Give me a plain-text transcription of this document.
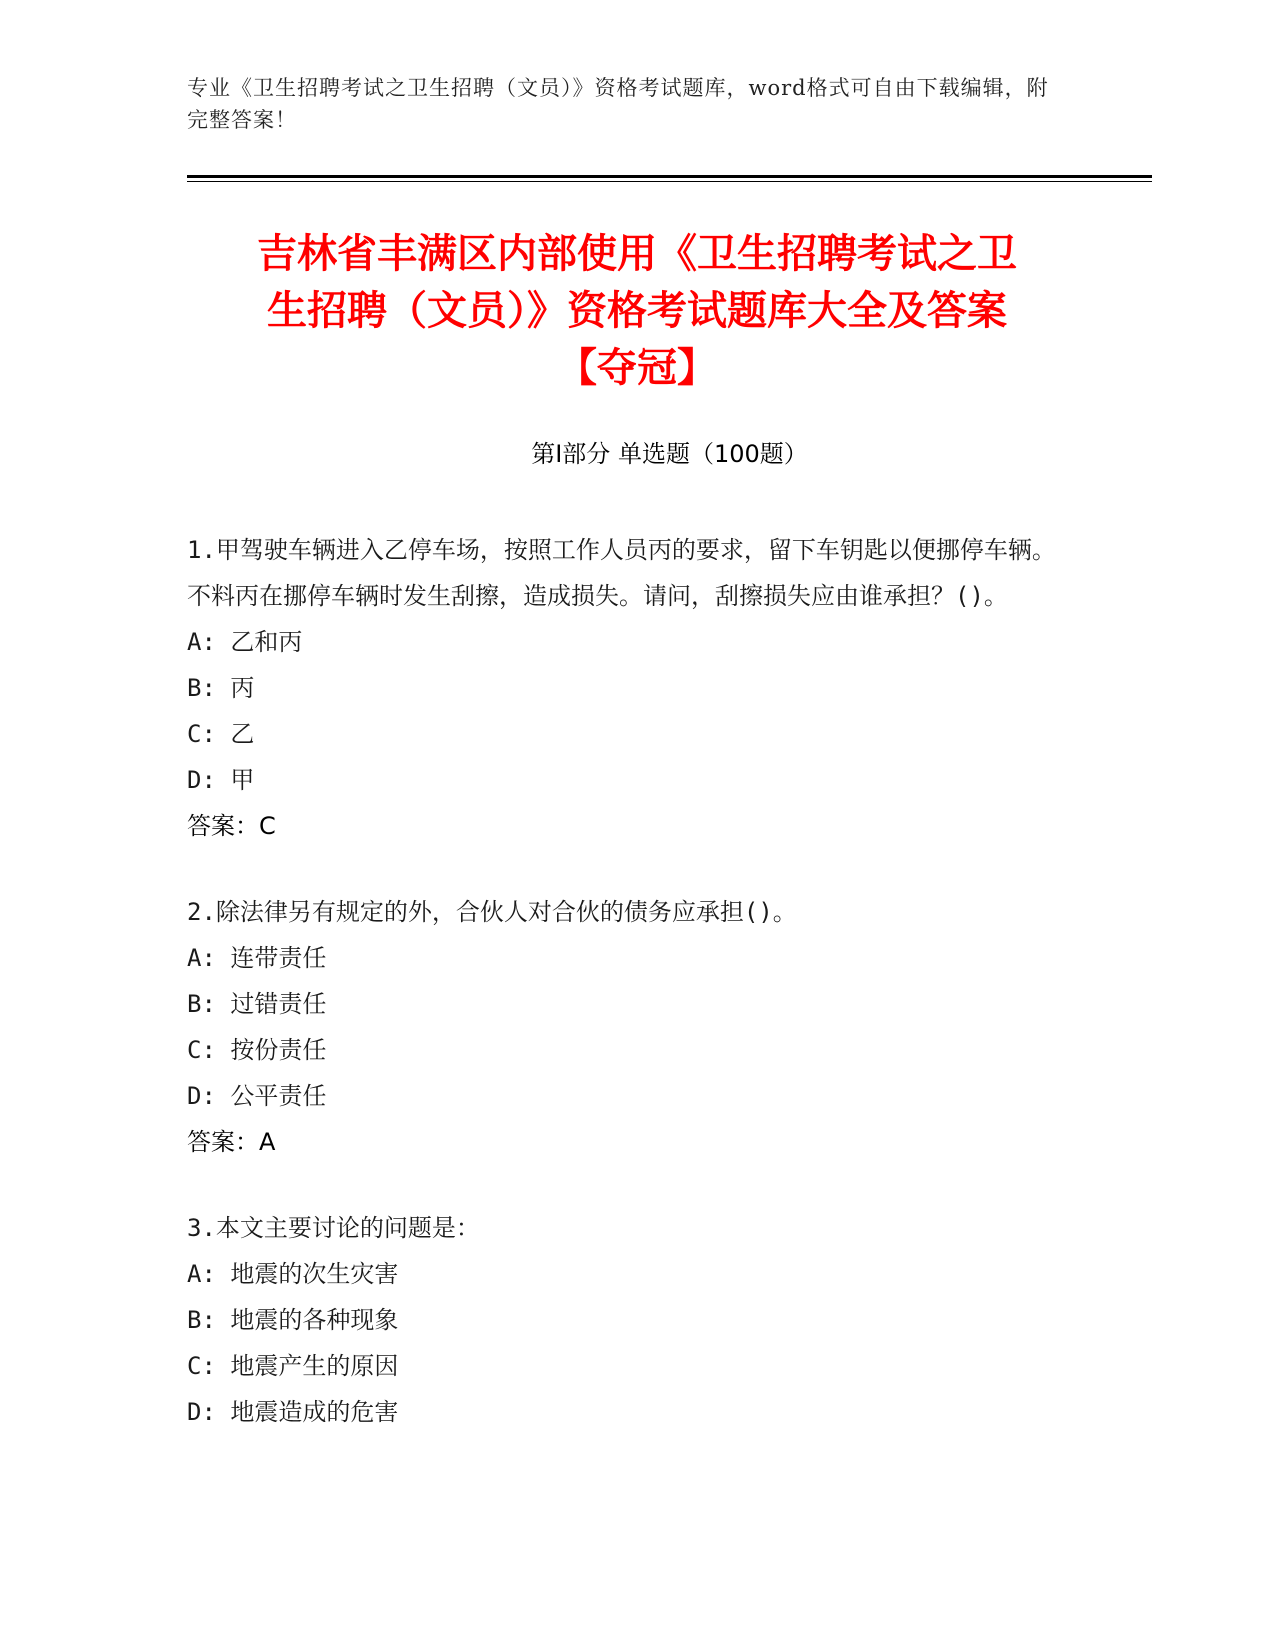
专业《卫生招聘考试之卫生招聘（文员）》资格考试题库，word格式可自由下载编辑，附完整答案！
吉林省丰满区内部使用《卫生招聘考试之卫
生招聘（文员）》资格考试题库大全及答案
【夺冠】
第Ⅰ部分 单选题（100题）
1.甲驾驶车辆进入乙停车场，按照工作人员丙的要求，留下车钥匙以便挪停车辆。不料丙在挪停车辆时发生刮擦，造成损失。请问，刮擦损失应由谁承担？()。
A: 乙和丙
B: 丙
C: 乙
D: 甲
答案：C
2.除法律另有规定的外，合伙人对合伙的债务应承担()。
A: 连带责任
B: 过错责任
C: 按份责任
D: 公平责任
答案：A
3.本文主要讨论的问题是：
A: 地震的次生灾害
B: 地震的各种现象
C: 地震产生的原因
D: 地震造成的危害
